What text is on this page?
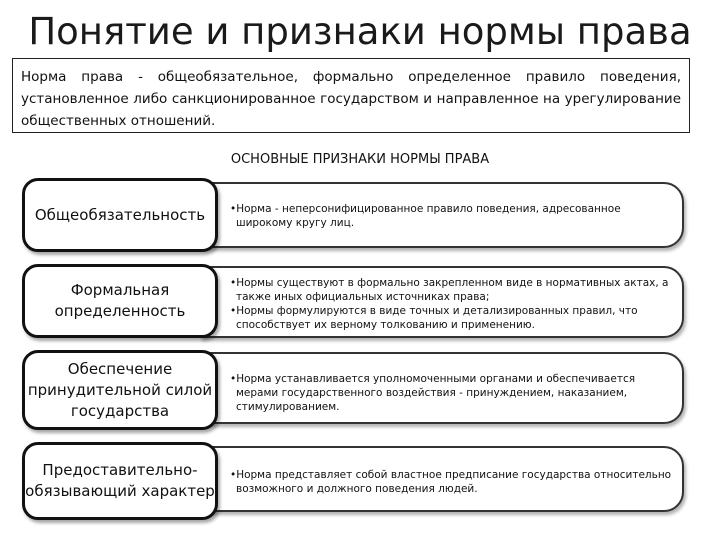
Понятие и признаки нормы права
Норма права - общеобязательное, формально определенное правило поведения, установленное либо санкционированное государством и направленное на урегулирование общественных отношений.
ОСНОВНЫЕ ПРИЗНАКИ НОРМЫ ПРАВА

•Норма - неперсонифицированное правило поведения, адресованное широкому кругу лиц.

Общеобязательность

•Нормы существуют в формально закрепленном виде в нормативных актах, а также иных официальных источниках права;

•Нормы формулируются в виде точных и детализированных правил, что способствует их верному толкованию и применению.

Формальная определенность

•Норма устанавливается уполномоченными органами и обеспечивается мерами государственного воздействия - принуждением, наказанием, стимулированием.

Обеспечение принудительной силой государства

•Норма представляет собой властное предписание государства относительно возможного и должного поведения людей.

Предоставительно-обязывающий характер
